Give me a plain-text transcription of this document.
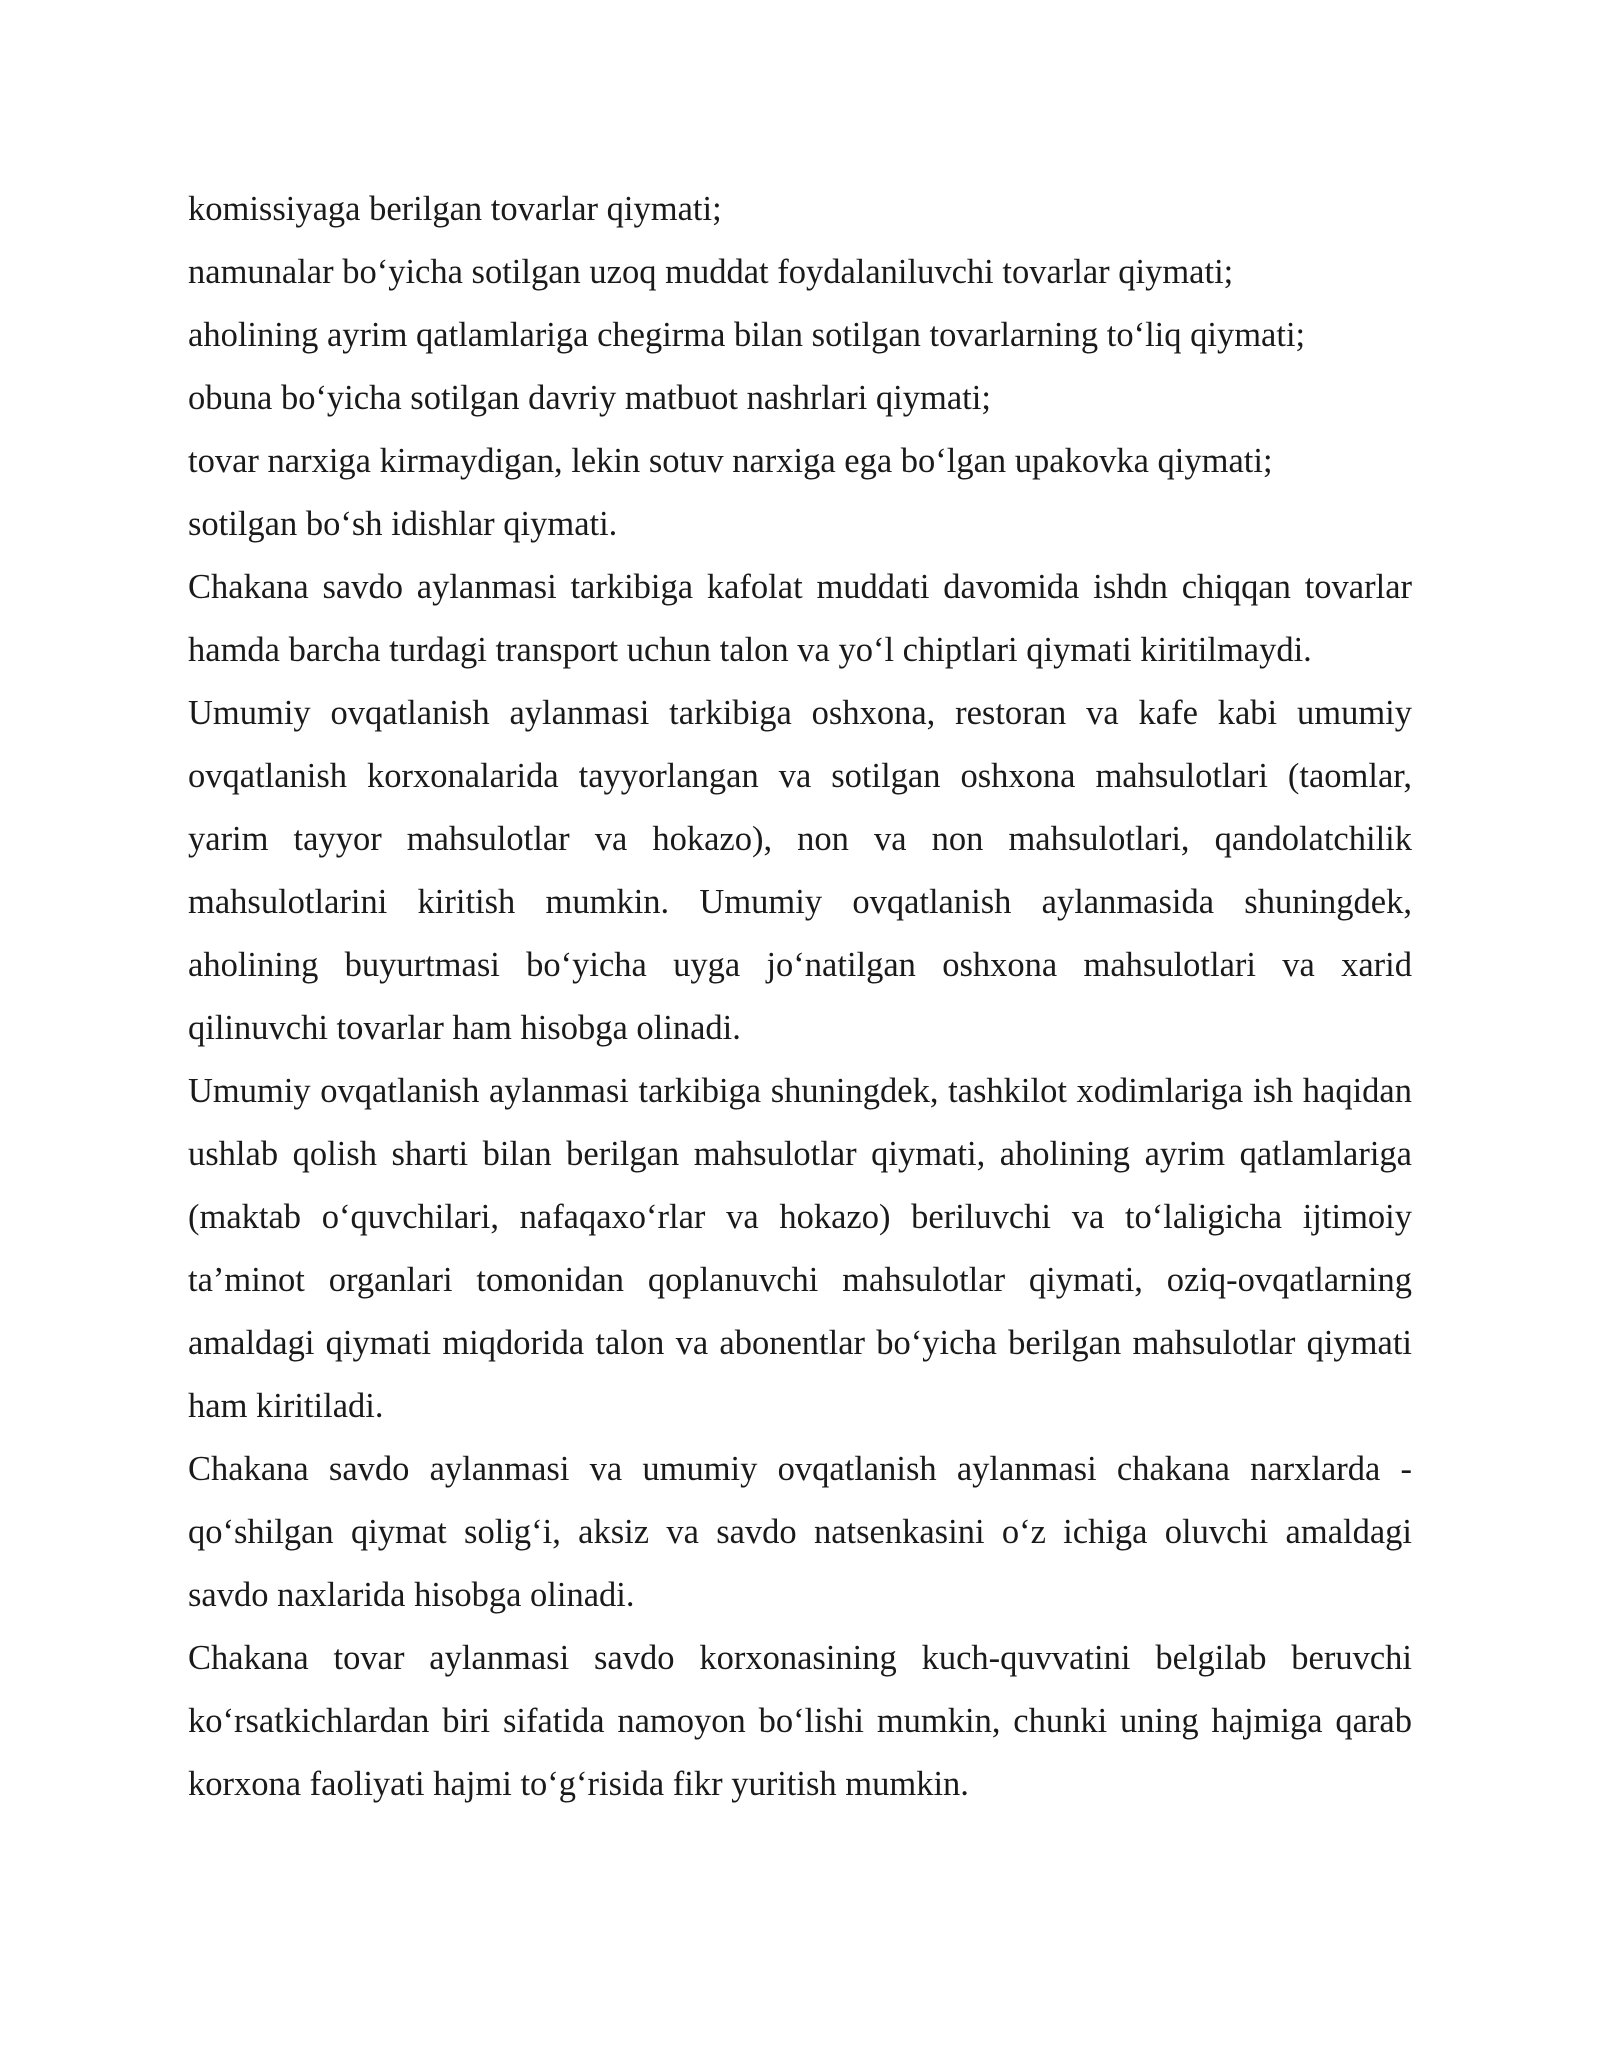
komissiyaga berilgan tovarlar qiymati;

namunalar bo‘yicha sotilgan uzoq muddat foydalaniluvchi tovarlar qiymati;

aholining ayrim qatlamlariga chegirma bilan sotilgan tovarlarning to‘liq qiymati;

obuna bo‘yicha sotilgan davriy matbuot nashrlari qiymati;

tovar narxiga kirmaydigan, lekin sotuv narxiga ega bo‘lgan upakovka qiymati;

sotilgan bo‘sh idishlar qiymati.

Chakana savdo aylanmasi tarkibiga kafolat muddati davomida ishdn chiqqan tovarlar hamda barcha turdagi transport uchun talon va yo‘l chiptlari qiymati kiritilmaydi.

Umumiy ovqatlanish aylanmasi tarkibiga oshxona, restoran va kafe kabi umumiy ovqatlanish korxonalarida tayyorlangan va sotilgan oshxona mahsulotlari (taomlar, yarim tayyor mahsulotlar va hokazo), non va non mahsulotlari, qandolatchilik mahsulotlarini kiritish mumkin. Umumiy ovqatlanish aylanmasida shuningdek, aholining buyurtmasi bo‘yicha uyga jo‘natilgan oshxona mahsulotlari va xarid qilinuvchi tovarlar ham hisobga olinadi.

Umumiy ovqatlanish aylanmasi tarkibiga shuningdek, tashkilot xodimlariga ish haqidan ushlab qolish sharti bilan berilgan mahsulotlar qiymati, aholining ayrim qatlamlariga (maktab o‘quvchilari, nafaqaxo‘rlar va hokazo) beriluvchi va to‘laligicha ijtimoiy ta’minot organlari tomonidan qoplanuvchi mahsulotlar qiymati, oziq-ovqatlarning amaldagi qiymati miqdorida talon va abonentlar bo‘yicha berilgan mahsulotlar qiymati ham kiritiladi.

Chakana savdo aylanmasi va umumiy ovqatlanish aylanmasi chakana narxlarda - qo‘shilgan qiymat solig‘i, aksiz va savdo natsenkasini o‘z ichiga oluvchi amaldagi savdo naxlarida hisobga olinadi.

Chakana tovar aylanmasi savdo korxonasining kuch-quvvatini belgilab beruvchi ko‘rsatkichlardan biri sifatida namoyon bo‘lishi mumkin, chunki uning hajmiga qarab korxona faoliyati hajmi to‘g‘risida fikr yuritish mumkin.
